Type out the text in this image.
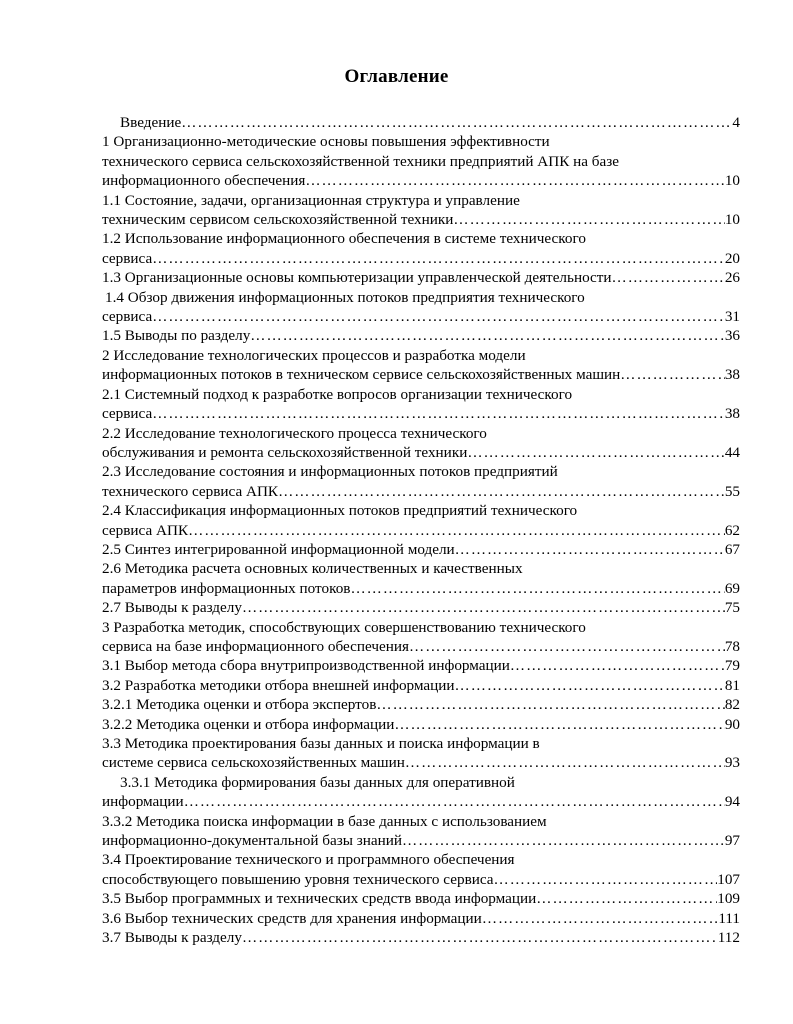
Оглавление
Введение ………………………………………………………………………………………………………………………………………………………………………………	4
1 Организационно-методические основы повышения эффективности
технического сервиса сельскохозяйственной техники предприятий АПК на базе
информационного обеспечения ………………………………………………………………………………………………………………………………………………………………………………	10
1.1 Состояние, задачи, организационная структура и управление
техническим сервисом сельскохозяйственной техники ………………………………………………………………………………………………………………………………………………………………………………	10
1.2 Использование информационного обеспечения в системе технического
сервиса ………………………………………………………………………………………………………………………………………………………………………………	20
1.3 Организационные основы компьютеризации управленческой деятельности ………………………………………………………………………………………………………………………………………………………………………………	26
1.4 Обзор движения информационных потоков предприятия технического
сервиса ………………………………………………………………………………………………………………………………………………………………………………	31
1.5 Выводы по разделу ………………………………………………………………………………………………………………………………………………………………………………	36
2 Исследование технологических процессов и разработка модели
информационных потоков в техническом сервисе сельскохозяйственных машин ………………………………………………………………………………………………………………………………………………………………………………	38
2.1 Системный подход к разработке вопросов организации технического
сервиса ………………………………………………………………………………………………………………………………………………………………………………	38
2.2 Исследование технологического процесса технического
обслуживания и ремонта сельскохозяйственной техники ………………………………………………………………………………………………………………………………………………………………………………	44
2.3 Исследование состояния и информационных потоков предприятий
технического сервиса АПК ………………………………………………………………………………………………………………………………………………………………………………	55
2.4 Классификация информационных потоков предприятий технического
сервиса АПК ………………………………………………………………………………………………………………………………………………………………………………	62
2.5 Синтез интегрированной информационной модели ………………………………………………………………………………………………………………………………………………………………………………	67
2.6 Методика расчета основных количественных и качественных
параметров информационных потоков ………………………………………………………………………………………………………………………………………………………………………………	69
2.7 Выводы к разделу ………………………………………………………………………………………………………………………………………………………………………………	75
3 Разработка методик, способствующих совершенствованию технического
сервиса на базе информационного обеспечения ………………………………………………………………………………………………………………………………………………………………………………	78
3.1 Выбор метода сбора внутрипроизводственной информации ………………………………………………………………………………………………………………………………………………………………………………	79
3.2 Разработка методики отбора внешней информации ………………………………………………………………………………………………………………………………………………………………………………	81
3.2.1 Методика оценки и отбора экспертов ………………………………………………………………………………………………………………………………………………………………………………	82
3.2.2 Методика оценки и отбора информации ………………………………………………………………………………………………………………………………………………………………………………	90
3.3 Методика проектирования базы данных и поиска информации в
системе сервиса сельскохозяйственных машин ………………………………………………………………………………………………………………………………………………………………………………	93
3.3.1 Методика формирования базы данных для оперативной
информации ………………………………………………………………………………………………………………………………………………………………………………	94
3.3.2 Методика поиска информации в базе данных с использованием
информационно-документальной базы знаний ………………………………………………………………………………………………………………………………………………………………………………	97
3.4 Проектирование технического и программного обеспечения
способствующего повышению уровня технического сервиса ………………………………………………………………………………………………………………………………………………………………………………	107
3.5 Выбор программных и технических средств ввода информации ………………………………………………………………………………………………………………………………………………………………………………	109
3.6 Выбор технических средств для хранения информации ………………………………………………………………………………………………………………………………………………………………………………	111
3.7 Выводы к разделу ………………………………………………………………………………………………………………………………………………………………………………	112
